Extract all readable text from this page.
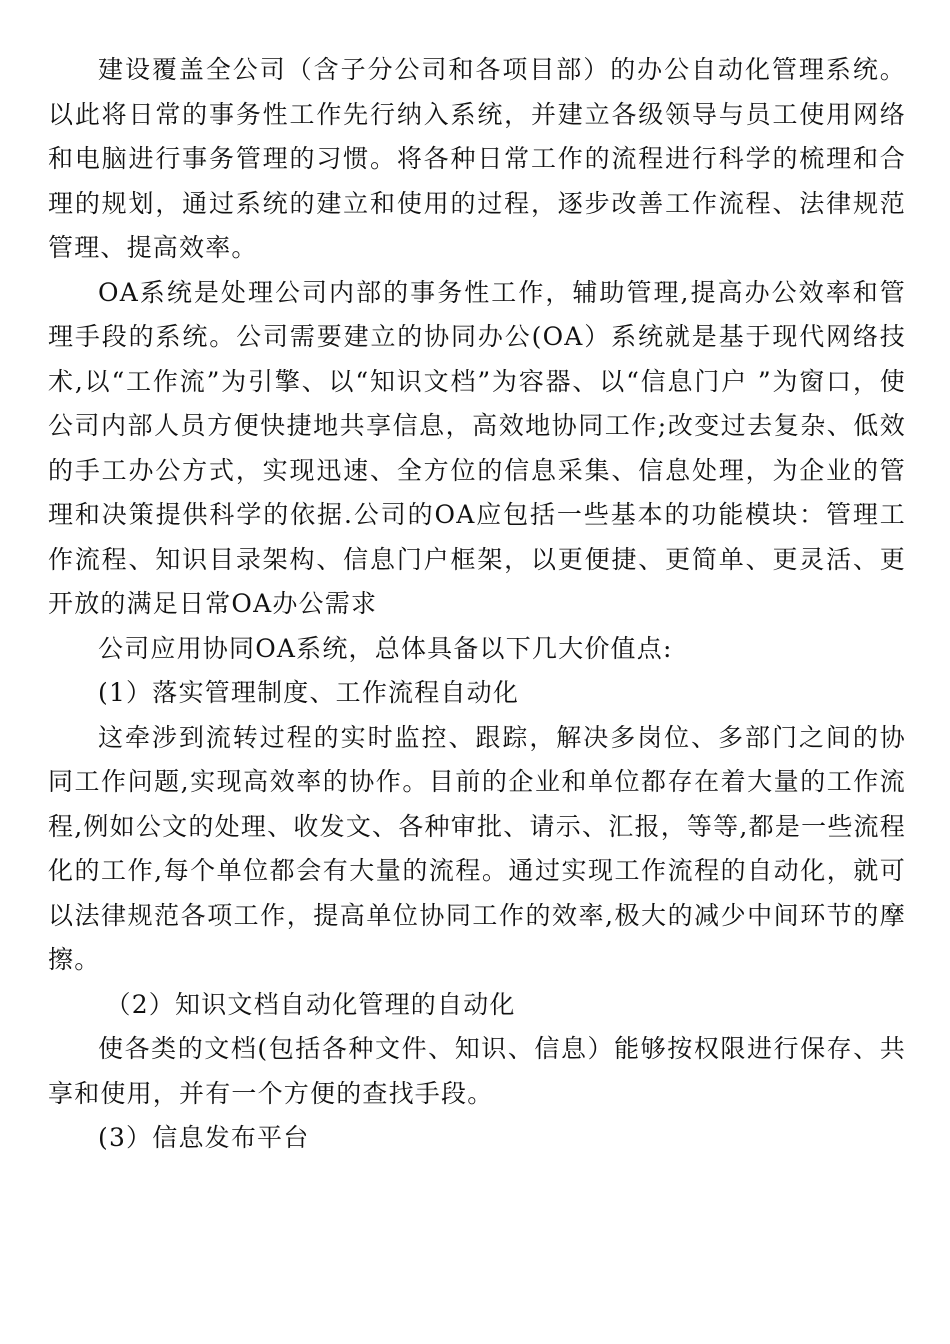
建设覆盖全公司（含子分公司和各项目部）的办公自动化管理系统。以此将日常的事务性工作先行纳入系统，并建立各级领导与员工使用网络和电脑进行事务管理的习惯。将各种日常工作的流程进行科学的梳理和合理的规划，通过系统的建立和使用的过程，逐步改善工作流程、法律规范管理、提高效率。

OA系统是处理公司内部的事务性工作，辅助管理,提高办公效率和管理手段的系统。公司需要建立的协同办公(OA）系统就是基于现代网络技术,以“工作流”为引擎、以“知识文档”为容器、以“信息门户 ”为窗口，使公司内部人员方便快捷地共享信息，高效地协同工作;改变过去复杂、低效的手工办公方式，实现迅速、全方位的信息采集、信息处理，为企业的管理和决策提供科学的依据.公司的OA应包括一些基本的功能模块：管理工作流程、知识目录架构、信息门户框架，以更便捷、更简单、更灵活、更开放的满足日常OA办公需求

公司应用协同OA系统，总体具备以下几大价值点:

(1）落实管理制度、工作流程自动化

这牵涉到流转过程的实时监控、跟踪，解决多岗位、多部门之间的协同工作问题,实现高效率的协作。目前的企业和单位都存在着大量的工作流程,例如公文的处理、收发文、各种审批、请示、汇报，等等,都是一些流程化的工作,每个单位都会有大量的流程。通过实现工作流程的自动化，就可以法律规范各项工作，提高单位协同工作的效率,极大的减少中间环节的摩擦。

（2）知识文档自动化管理的自动化

使各类的文档(包括各种文件、知识、信息）能够按权限进行保存、共享和使用，并有一个方便的查找手段。

(3）信息发布平台
